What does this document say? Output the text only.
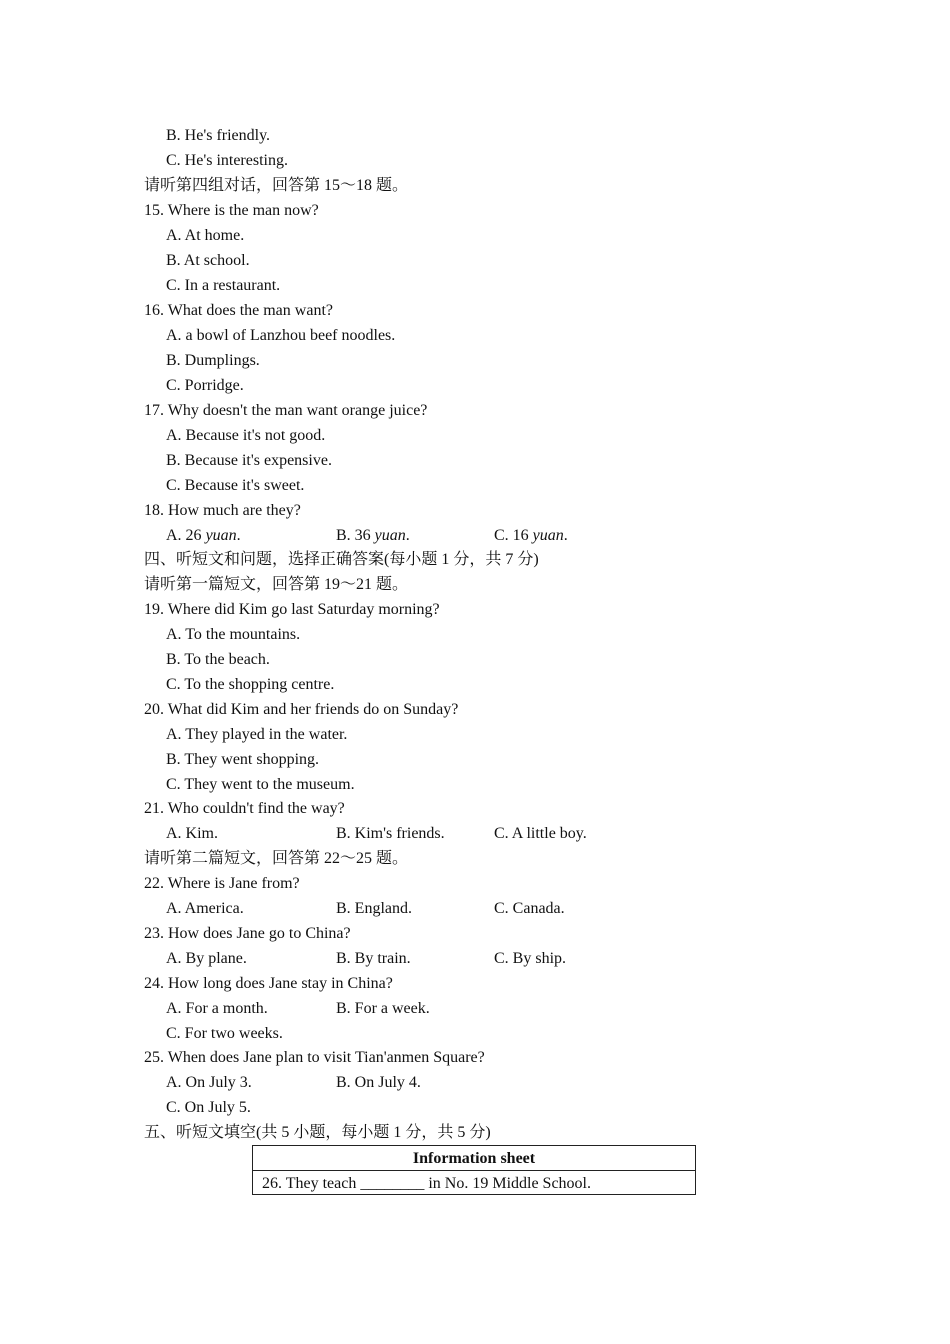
B. He's friendly.
C. He's interesting.
请听第四组对话，回答第 15～18 题。
15. Where is the man now?
A. At home.
B. At school.
C. In a restaurant.
16. What does the man want?
A. a bowl of Lanzhou beef noodles.
B. Dumplings.
C. Porridge.
17. Why doesn't the man want orange juice?
A. Because it's not good.
B. Because it's expensive.
C. Because it's sweet.
18. How much are they?
A. 26 yuan.	B. 36 yuan.	C. 16 yuan.
四、听短文和问题，选择正确答案(每小题 1 分，共 7 分)
请听第一篇短文，回答第 19～21 题。
19. Where did Kim go last Saturday morning?
A. To the mountains.
B. To the beach.
C. To the shopping centre.
20. What did Kim and her friends do on Sunday?
A. They played in the water.
B. They went shopping.
C. They went to the museum.
21. Who couldn't find the way?
A. Kim.	B. Kim's friends.	C. A little boy.
请听第二篇短文，回答第 22～25 题。
22. Where is Jane from?
A. America.	B. England.	C. Canada.
23. How does Jane go to China?
A. By plane.	B. By train.	C. By ship.
24. How long does Jane stay in China?
A. For a month.	B. For a week.
C. For two weeks.
25. When does Jane plan to visit Tian'anmen Square?
A. On July 3.	B. On July 4.
C. On July 5.
五、听短文填空(共 5 小题，每小题 1 分，共 5 分)
Information sheet
26. They teach ________ in No. 19 Middle School.
